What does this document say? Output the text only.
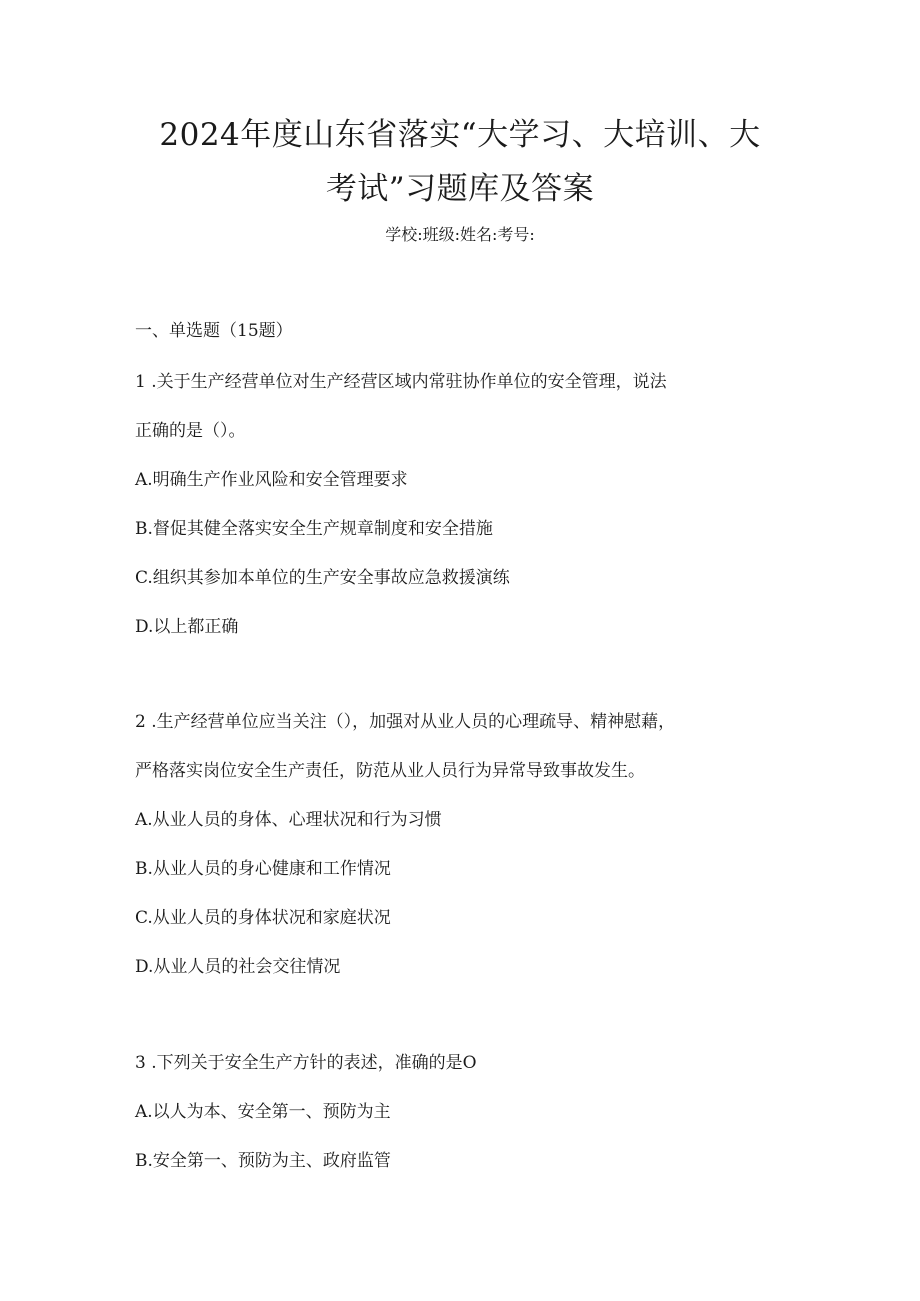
2024年度山东省落实“大学习、大培训、大
考试”习题库及答案
学校:班级:姓名:考号:
一、单选题（15题）
1 .关于生产经营单位对生产经营区域内常驻协作单位的安全管理，说法
正确的是（）。
A.明确生产作业风险和安全管理要求
B.督促其健全落实安全生产规章制度和安全措施
C.组织其参加本单位的生产安全事故应急救援演练
D.以上都正确
2 .生产经营单位应当关注（），加强对从业人员的心理疏导、精神慰藉，
严格落实岗位安全生产责任，防范从业人员行为异常导致事故发生。
A.从业人员的身体、心理状况和行为习惯
B.从业人员的身心健康和工作情况
C.从业人员的身体状况和家庭状况
D.从业人员的社会交往情况
3 .下列关于安全生产方针的表述，准确的是O
A.以人为本、安全第一、预防为主
B.安全第一、预防为主、政府监管
